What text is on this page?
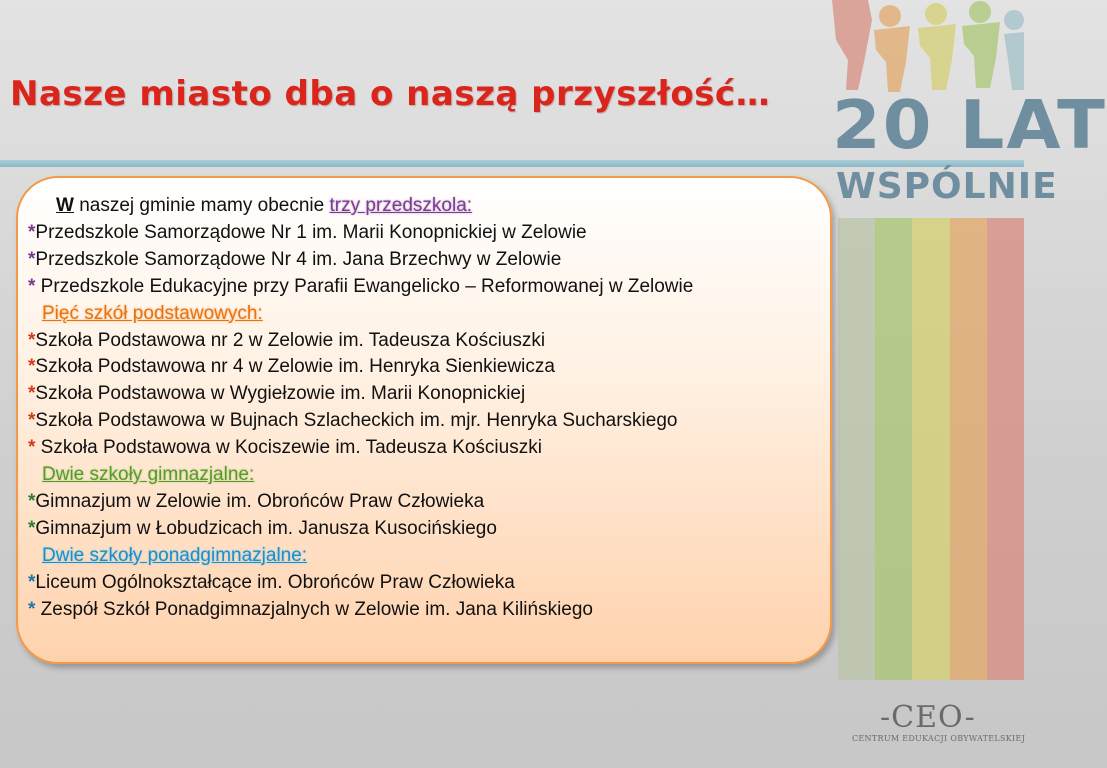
Nasze miasto dba o naszą przyszłość… 20 LAT
WSPÓLNIE
W naszej gminie mamy obecnie trzy przedszkola:
*Przedszkole Samorządowe Nr 1 im. Marii Konopnickiej w Zelowie
*Przedszkole Samorządowe Nr 4 im. Jana Brzechwy w Zelowie
* Przedszkole Edukacyjne przy Parafii Ewangelicko – Reformowanej w Zelowie
Pięć szkół podstawowych:
*Szkoła Podstawowa nr 2 w Zelowie im. Tadeusza Kościuszki
*Szkoła Podstawowa nr 4 w Zelowie im. Henryka Sienkiewicza
*Szkoła Podstawowa w Wygiełzowie im. Marii Konopnickiej
*Szkoła Podstawowa w Bujnach Szlacheckich im. mjr. Henryka Sucharskiego
* Szkoła Podstawowa w Kociszewie im. Tadeusza Kościuszki
Dwie szkoły gimnazjalne:
*Gimnazjum w Zelowie im. Obrońców Praw Człowieka
*Gimnazjum w Łobudzicach im. Janusza Kusocińskiego
Dwie szkoły ponadgimnazjalne:
*Liceum Ogólnokształcące im. Obrońców Praw Człowieka
* Zespół Szkół Ponadgimnazjalnych w Zelowie im. Jana Kilińskiego
-CEO-
CENTRUM EDUKACJI OBYWATELSKIEJ
